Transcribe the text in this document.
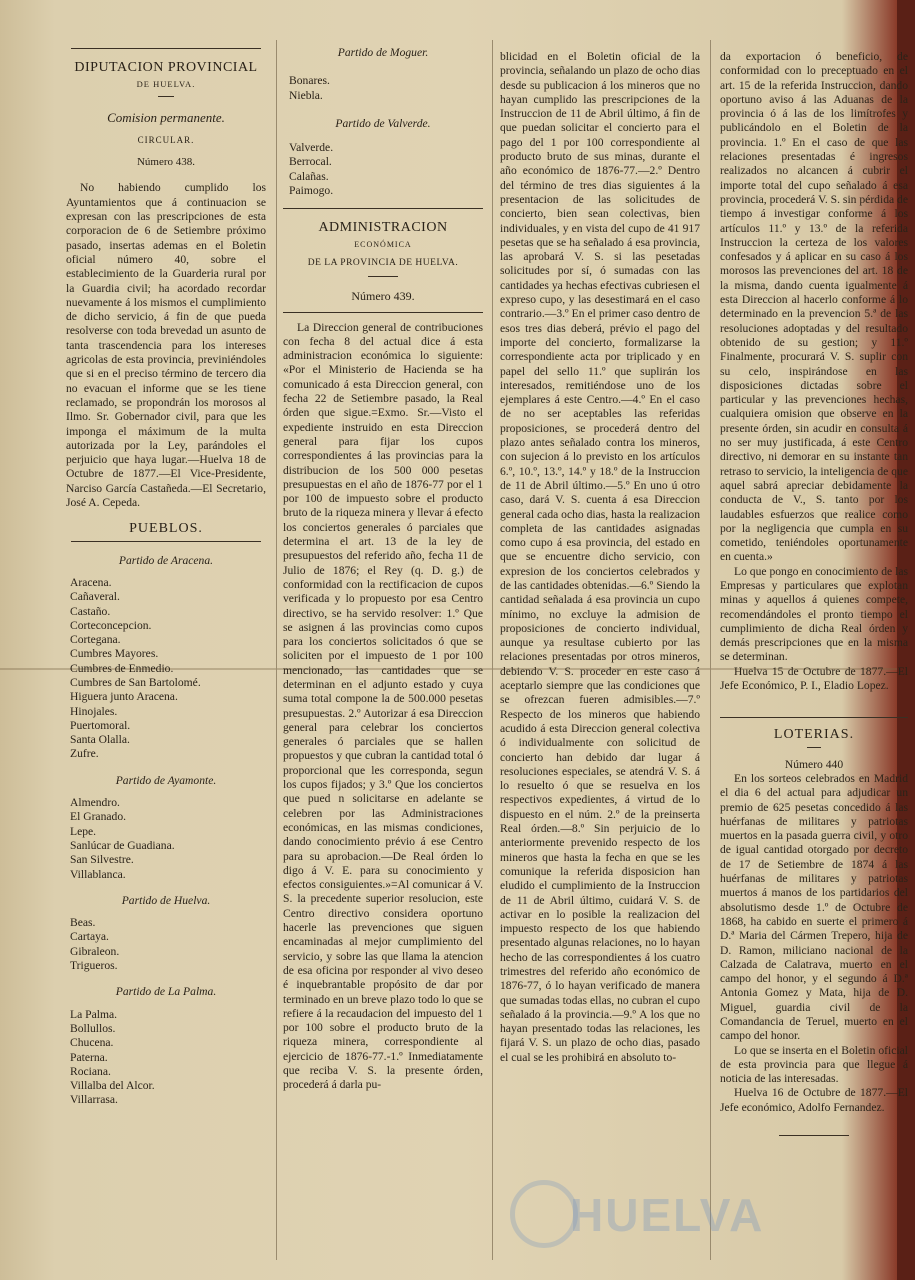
DIPUTACION PROVINCIAL
DE HUELVA.
Comision permanente.
CIRCULAR.
Número 438.

No habiendo cumplido los Ayuntamientos que á continuacion se expresan con las prescripciones de esta corporacion de 6 de Setiembre próximo pasado, insertas ademas en el Boletin oficial número 40, sobre el establecimiento de la Guarderia rural por la Guardia civil; ha acordado recordar nuevamente á los mismos el cumplimiento de dicho servicio, á fin de que pueda resolverse con toda brevedad un asunto de tanta trascendencia para los intereses agricolas de esta provincia, previniéndoles que si en el preciso término de tercero dia no evacuan el informe que se les tiene reclamado, se propondrán los morosos al Ilmo. Sr. Gobernador civil, para que les imponga el máximum de la multa autorizada por la Ley, parándoles el perjuicio que haya lugar.—Huelva 18 de Octubre de 1877.—El Vice-Presidente, Narciso García Castañeda.—El Secretario, José A. Cepeda.

PUEBLOS.
Partido de Aracena.
Aracena.
Cañaveral.
Castaño.
Corteconcepcion.
Cortegana.
Cumbres Mayores.
Cumbres de Enmedio.
Cumbres de San Bartolomé.
Higuera junto Aracena.
Hinojales.
Puertomoral.
Santa Olalla.
Zufre.
Partido de Ayamonte.
Almendro.
El Granado.
Lepe.
Sanlúcar de Guadiana.
San Silvestre.
Villablanca.
Partido de Huelva.
Beas.
Cartaya.
Gibraleon.
Trigueros.
Partido de La Palma.
La Palma.
Bollullos.
Chucena.
Paterna.
Rociana.
Villalba del Alcor.
Villarrasa.
Partido de Moguer.
Bonares.
Niebla.
Partido de Valverde.
Valverde.
Berrocal.
Calañas.
Paimogo.
ADMINISTRACION
ECONÓMICA
DE LA PROVINCIA DE HUELVA.
Número 439.

La Direccion general de contribuciones con fecha 8 del actual dice á esta administracion económica lo siguiente: «Por el Ministerio de Hacienda se ha comunicado á esta Direccion general, con fecha 22 de Setiembre pasado, la Real órden que sigue.=Exmo. Sr.—Visto el expediente instruido en esta Direccion general para fijar los cupos correspondientes á las provincias para la distribucion de los 500 000 pesetas presupuestas en el año de 1876-77 por el 1 por 100 de impuesto sobre el producto bruto de la riqueza minera y llevar á efecto los conciertos generales ó parciales que determina el art. 13 de la ley de presupuestos del referido año, fecha 11 de Julio de 1876; el Rey (q. D. g.) de conformidad con la rectificacion de cupos verificada y lo propuesto por esa Centro directivo, se ha servido resolver: 1.º Que se asignen á las provincias como cupos para los conciertos solicitados ó que se soliciten por el impuesto de 1 por 100 mencionado, las cantidades que se determinan en el adjunto estado y cuya suma total compone la de 500.000 pesetas presupuestas. 2.º Autorizar á esa Direccion general para celebrar los conciertos generales ó parciales que se hallen propuestos y que cubran la cantidad total ó proporcional que les corresponda, segun los cupos fijados; y 3.º Que los conciertos que pued n solicitarse en adelante se celebren por las Administraciones económicas, en las mismas condiciones, dando conocimiento prévio á ese Centro para su aprobacion.—De Real órden lo digo á V. E. para su conocimiento y efectos consiguientes.»=Al comunicar á V. S. la precedente superior resolucion, este Centro directivo considera oportuno hacerle las prevenciones que siguen encaminadas al mejor cumplimiento del servicio, y sobre las que llama la atencion de esa oficina por responder al vivo deseo é inquebrantable propósito de dar por terminado en un breve plazo todo lo que se refiere á la recaudacion del impuesto del 1 por 100 sobre el producto bruto de la riqueza minera, correspondiente al ejercicio de 1876-77.-1.º Inmediatamente que reciba V. S. la presente órden, procederá á darla pu-

blicidad en el Boletin oficial de la provincia, señalando un plazo de ocho dias desde su publicacion á los mineros que no hayan cumplido las prescripciones de la Instruccion de 11 de Abril último, á fin de que puedan solicitar el concierto para el pago del 1 por 100 correspondiente al producto bruto de sus minas, durante el año económico de 1876-77.—2.º Dentro del término de tres dias siguientes á la presentacion de las solicitudes de concierto, bien sean colectivas, bien individuales, y en vista del cupo de 41 917 pesetas que se ha señalado á esa provincia, las aprobará V. S. si las pesetadas solicitudes por sí, ó sumadas con las cantidades ya hechas efectivas cubriesen el expreso cupo, y las desestimará en el caso contrario.—3.º En el primer caso dentro de esos tres dias deberá, prévio el pago del importe del concierto, formalizarse la correspondiente acta por triplicado y en papel del sello 11.º que suplirán los interesados, remitiéndose uno de los ejemplares á este Centro.—4.º En el caso de no ser aceptables las referidas proposiciones, se procederá dentro del plazo antes señalado contra los mineros, con sujecion á lo previsto en los artículos 6.º, 10.º, 13.º, 14.º y 18.º de la Instruccion de 11 de Abril último.—5.º En uno ú otro caso, dará V. S. cuenta á esa Direccion general cada ocho dias, hasta la realizacion completa de las cantidades asignadas como cupo á esa provincia, del estado en que se encuentre dicho servicio, con expresion de los conciertos celebrados y de las cantidades obtenidas.—6.º Siendo la cantidad señalada á esa provincia un cupo mínimo, no excluye la admision de proposiciones de concierto individual, aunque ya resultase cubierto por las relaciones presentadas por otros mineros, debiendo V. S. proceder en este caso á aceptarlo siempre que las condiciones que se ofrezcan fueren admisibles.—7.º Respecto de los mineros que habiendo acudido á esta Direccion general colectiva ó individualmente con solicitud de concierto han debido dar lugar á resoluciones especiales, se atendrá V. S. á lo resuelto ó que se resuelva en los respectivos expedientes, á virtud de lo dispuesto en el núm. 2.º de la preinserta Real órden.—8.º Sin perjuicio de lo anteriormente prevenido respecto de los mineros que hasta la fecha en que se les comunique la referida disposicion han eludido el cumplimiento de la Instruccion de 11 de Abril último, cuidará V. S. de activar en lo posible la realizacion del impuesto respecto de los que habiendo presentado algunas relaciones, no lo hayan hecho de las correspondientes á los cuatro trimestres del referido año económico de 1876-77, ó lo hayan verificado de manera que sumadas todas ellas, no cubran el cupo señalado á la provincia.—9.º A los que no hayan presentado todas las relaciones, les fijará V. S. un plazo de ocho dias, pasado el cual se les prohibirá en absoluto to-

da exportacion ó beneficio, de conformidad con lo preceptuado en el art. 15 de la referida Instruccion, dando oportuno aviso á las Aduanas de la provincia ó á las de los limítrofes y publicándolo en el Boletin de la provincia. 1.º En el caso de que las relaciones presentadas é ingresos realizados no alcancen á cubrir el importe total del cupo señalado á esa provincia, procederá V. S. sin pérdida de tiempo á investigar conforme á los artículos 11.º y 13.º de la referida Instruccion la certeza de los valores confesados y á aplicar en su caso á los morosos las prevenciones del art. 18 de la misma, dando cuenta igualmente á esta Direccion al hacerlo conforme á lo determinado en la prevencion 5.ª de las resoluciones adoptadas y del resultado obtenido de su gestion; y 11.º Finalmente, procurará V. S. suplir con su celo, inspirándose en las disposiciones dictadas sobre el particular y las prevenciones hechas, cualquiera omision que observe en la presente órden, sin acudir en consulta á no ser muy justificada, á este Centro directivo, ni demorar en su instante tan retraso to servicio, la inteligencia de que aquel sabrá apreciar debidamente la conducta de V., S. tanto por los laudables esfuerzos que realice como por la negligencia que cumpla en su cometido, teniéndoles oportunamente en cuenta.»

Lo que pongo en conocimiento de las Empresas y particulares que explotan minas y aquellos á quienes compete, recomendándoles el pronto tiempo el cumplimiento de dicha Real órden y demás prescripciones que en la misma se determinan.

Huelva 15 de Octubre de 1877.—El Jefe Económico, P. I., Eladio Lopez.

LOTERIAS.
Número 440

En los sorteos celebrados en Madrid el dia 6 del actual para adjudicar un premio de 625 pesetas concedido á las huérfanas de militares y patriotas muertos en la pasada guerra civil, y otro de igual cantidad otorgado por decreto de 17 de Setiembre de 1874 á las huérfanas de militares y patriotas muertos á manos de los partidarios del absolutismo desde 1.º de Octubre de 1868, ha cabido en suerte el primero á D.ª Maria del Cármen Trepero, hija de D. Ramon, miliciano nacional de la Calzada de Calatrava, muerto en el campo del honor, y el segundo á D.ª Antonia Gomez y Mata, hija de D. Miguel, guardia civil de la Comandancia de Teruel, muerto en el campo del honor.

Lo que se inserta en el Boletin oficial de esta provincia para que llegue á noticia de las interesadas.

Huelva 16 de Octubre de 1877.—El Jefe económico, Adolfo Fernandez.

HUELVA
